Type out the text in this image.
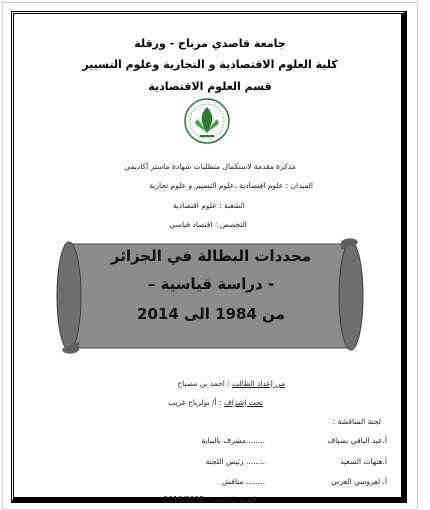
جامعة قاصدي مرباح - ورقلة
كلية العلوم الاقتصادية و التجارية وعلوم التسيير
قسم العلوم الاقتصادية
مذكرة مقدمة لاستكمال متطلبات شهادة ماستر أكاديمي
الميدان : علوم اقتصادية ،علوم التسيير و علوم تجارية
الشعبة : علوم اقتصادية
التخصص : اقتصاد قياسي
محددات البطالة في الجزائر
- دراسة قياسية –
من 1984 الى 2014
من إعداد الطالب : احمد بن مصباح
تحت إشراف : أ/ بولرباح غريب
لجنة المناقشة :
أ.عبد الباقي بضياف
........مشرف بالنيابة
أ.هتهات السعيد
........ رئيس اللجنة
أ. لعروسي العربي
........ مناقش
السنة الجامعية : 2016/2015
